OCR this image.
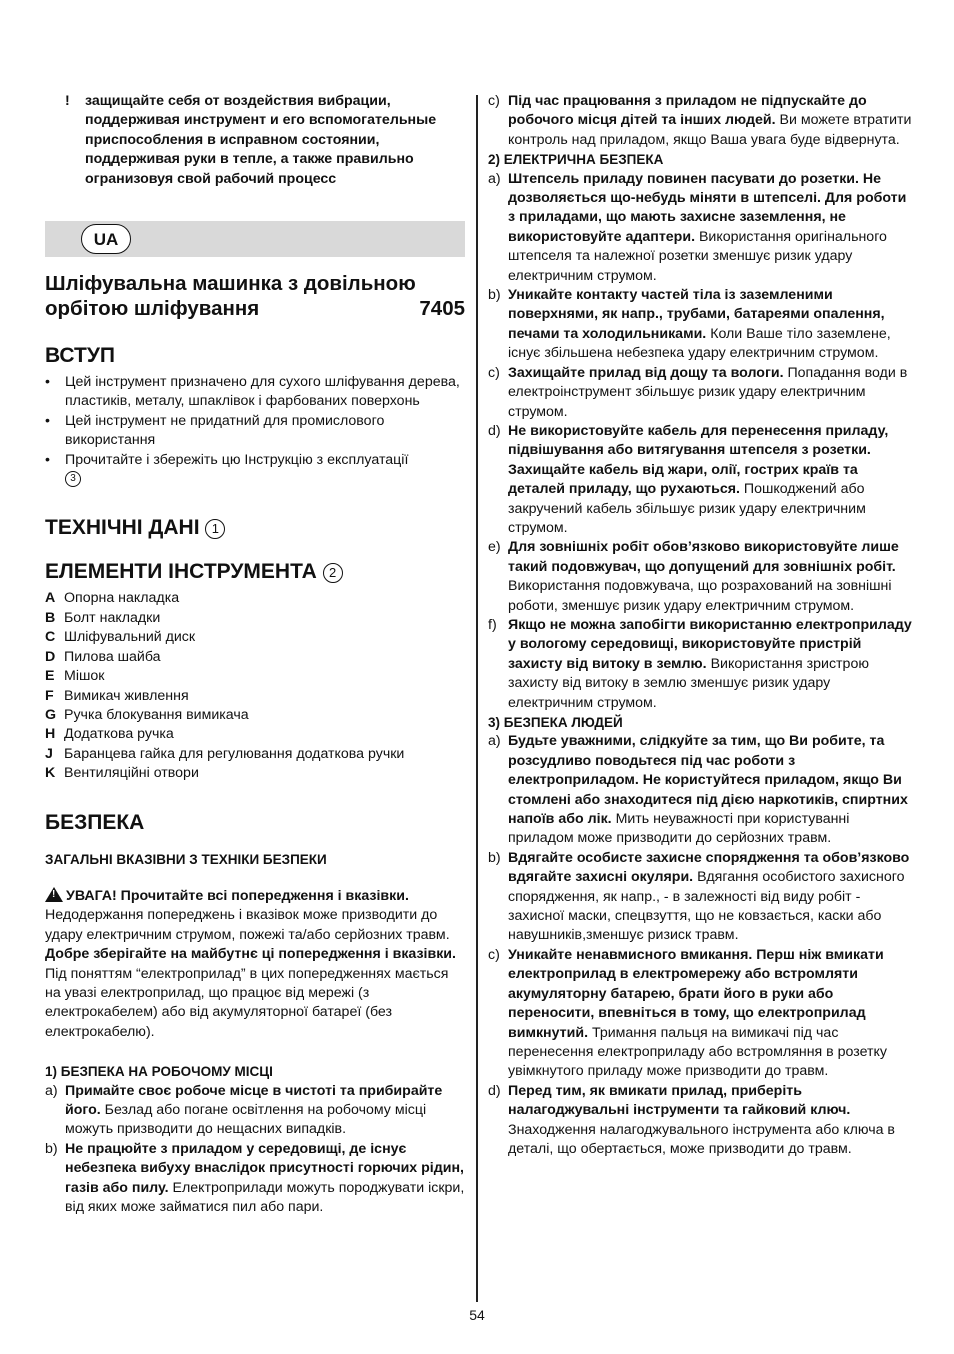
!	защищайте себя от воздействия вибрации, поддерживая инструмент и его вспомогательные приспособления в исправном состоянии, поддерживая руки в тепле, а также правильно огранизовуя свой рабочий процесс
UA
Шліфувальна машинка з довільною
орбітою шліфування	7405
ВСТУП
•	Цей інструмент призначено для сухого шліфування дерева, пластиків, металу, шпаклівок і фарбованих поверхонь
•	Цей інструмент не придатний для промислового використання
•	Прочитайте і збережіть цю Інструкцію з експлуатації
3
ТЕХНІЧНІ ДАНІ 1
ЕЛЕМЕНТИ ІНСТРУМЕНТА 2
A Опорна накладка
B Болт накладки
C Шліфувальний диск
D Пилова шайба
E Мішок
F Вимикач живлення
G Ручка блокування вимикача
H Додаткова ручка
J Баранцева гайка для регулювання додаткова ручки
K Вентиляційні отвори
БЕЗПЕКА
ЗАГАЛЬНІ ВКАЗІВНИ З ТЕХНІКИ БЕЗПЕКИ
!УВАГА! Прочитайте всі попередження і вказівки. Недодержання попереджень і вказівок може призводити до удару електричним струмом, пожежі та/або серйозних травм. Добре зберігайте на майбутнє ці попередження і вказівки. Під поняттям “електроприлад” в цих попередженнях мається на увазі електроприлад, що працює від мережі (з електрокабелем) або від акумуляторної батареї (без електрокабелю).
1) БЕЗПЕКА НА РОБОЧОМУ МІСЦІ
a) Примайте своє робоче місце в чистоті та прибирайте його. Безлад або погане освітлення на робочому місці можуть призводити до нещасних випадків.
b) Не працюйте з приладом у середовищі, де існує небезпека вибуху внаслідок присутності горючих рідин, газів або пилу. Електроприлади можуть породжувати іскри, від яких може займатися пил або пари.
c) Під час працювання з приладом не підпускайте до робочого місця дітей та інших людей. Ви можете втратити контроль над приладом, якщо Ваша увага буде відвернута.
2) ЕЛЕКТРИЧНА БЕЗПЕКА
a) Штепсель приладу повинен пасувати до розетки. Не дозволяється що-небудь міняти в штепселі. Для роботи з приладами, що мають захисне заземлення, не використовуйте адаптери. Використання оригінального штепселя та належної розетки зменшує ризик удару електричним струмом.
b) Уникайте контакту частей тіла із заземленими поверхнями, як напр., трубами, батареями опалення, печами та холодильниками. Коли Ваше тіло заземлене, існує збільшена небезпека удару електричним струмом.
c) Захищайте прилад від дощу та вологи. Попадання води в електроінструмент збільшує ризик удару електричним струмом.
d) Не використовуйте кабель для перенесення приладу, підвішування або витягування штепселя з розетки. Захищайте кабель від жари, олії, гострих країв та деталей приладу, що рухаються. Пошкоджений або закручений кабель збільшує ризик удару електричним струмом.
e) Для зовнішніх робіт обов’язково використовуйте лише такий подовжувач, що допущений для зовнішніх робіт. Використання подовжувача, що розрахований на зовнішні роботи, зменшує ризик удару електричним струмом.
f) Якщо не можна запобігти використанню електроприладу у вологому середовищі, використовуйте пристрій захисту від витоку в землю. Використання зристрою захисту від витоку в землю зменшує ризик удару електричним струмом.
3) БЕЗПЕКА ЛЮДЕЙ
a) Будьте уважними, слідкуйте за тим, що Ви робите, та розсудливо поводьтеся під час роботи з електроприладом. Не користуйтеся приладом, якщо Ви стомлені або знаходитеся під дією наркотиків, спиртних напоїв або лік. Мить неуважності при користуванні приладом може призводити до серйозних травм.
b) Вдягайте особисте захисне спорядження та обов’язково вдягайте захисні окуляри. Вдягання особистого захисного спорядження, як напр., - в залежності від виду робіт - захисної маски, спецвзуття, що не ковзається, каски або навушників,зменшує ризиск травм.
c) Уникайте ненавмисного вмикання. Перш ніж вмикати електроприлад в електромережу або встромляти акумуляторну батарею, брати його в руки або переносити, впевніться в тому, що електроприлад вимкнутий. Тримання пальця на вимикачі під час перенесення електроприладу або встромляння в розетку увімкнутого приладу може призводити до травм.
d) Перед тим, як вмикати прилад, приберіть налагоджувальні інструменти та гайковий ключ. Знаходження налагоджувального інструмента або ключа в деталі, що обертається, може призводити до травм.
54
